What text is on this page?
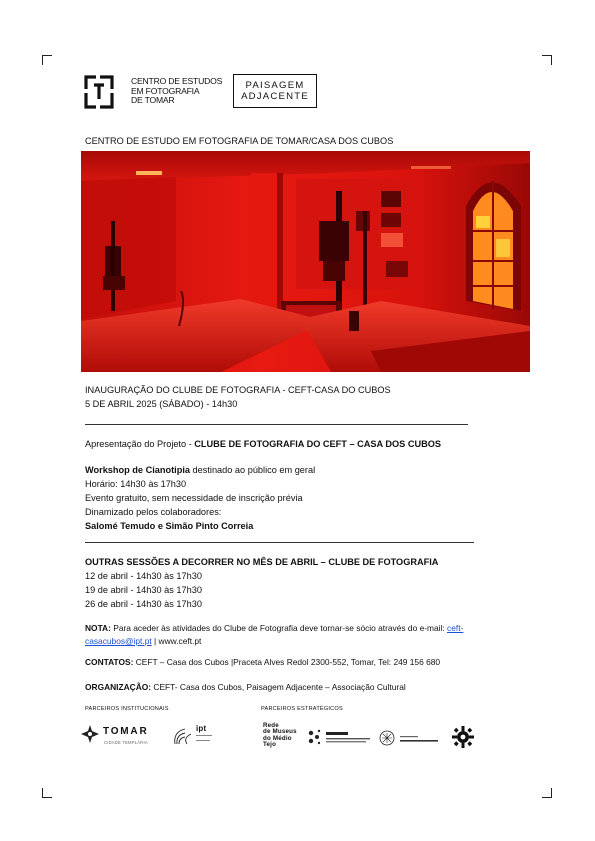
CENTRO DE ESTUDOS
EM FOTOGRAFIA
DE TOMAR
PAISAGEM
ADJACENTE
CENTRO DE ESTUDO EM FOTOGRAFIA DE TOMAR/CASA DOS CUBOS
INAUGURAÇÃO DO CLUBE DE FOTOGRAFIA - CEFT-CASA DO CUBOS
5 DE ABRIL 2025 (SÁBADO) - 14h30
Apresentação do Projeto - CLUBE DE FOTOGRAFIA DO CEFT – CASA DOS CUBOS
Workshop de Cianotipia destinado ao público em geral
Horário: 14h30 às 17h30
Evento gratuito, sem necessidade de inscrição prévia
Dinamizado pelos colaboradores:
Salomé Temudo e Simão Pinto Correia
OUTRAS SESSÕES A DECORRER NO MÊS DE ABRIL – CLUBE DE FOTOGRAFIA
12 de abril - 14h30 às 17h30
19 de abril - 14h30 às 17h30
26 de abril - 14h30 às 17h30
NOTA: Para aceder às atividades do Clube de Fotografia deve tornar-se sócio através do e-mail: ceft-
casacubos@ipt.pt | www.ceft.pt
CONTATOS: CEFT – Casa dos Cubos |Praceta Alves Redol 2300-552, Tomar, Tel: 249 156 680
ORGANIZAÇÃO: CEFT- Casa dos Cubos, Paisagem Adjacente – Associação Cultural
PARCEIROS INSTITUCIONAIS	PARCEIROS ESTRATÉGICOS
TOMAR
CIDADE TEMPLÁRIA
ipt	Rede
de Museus
do Médio
Tejo
